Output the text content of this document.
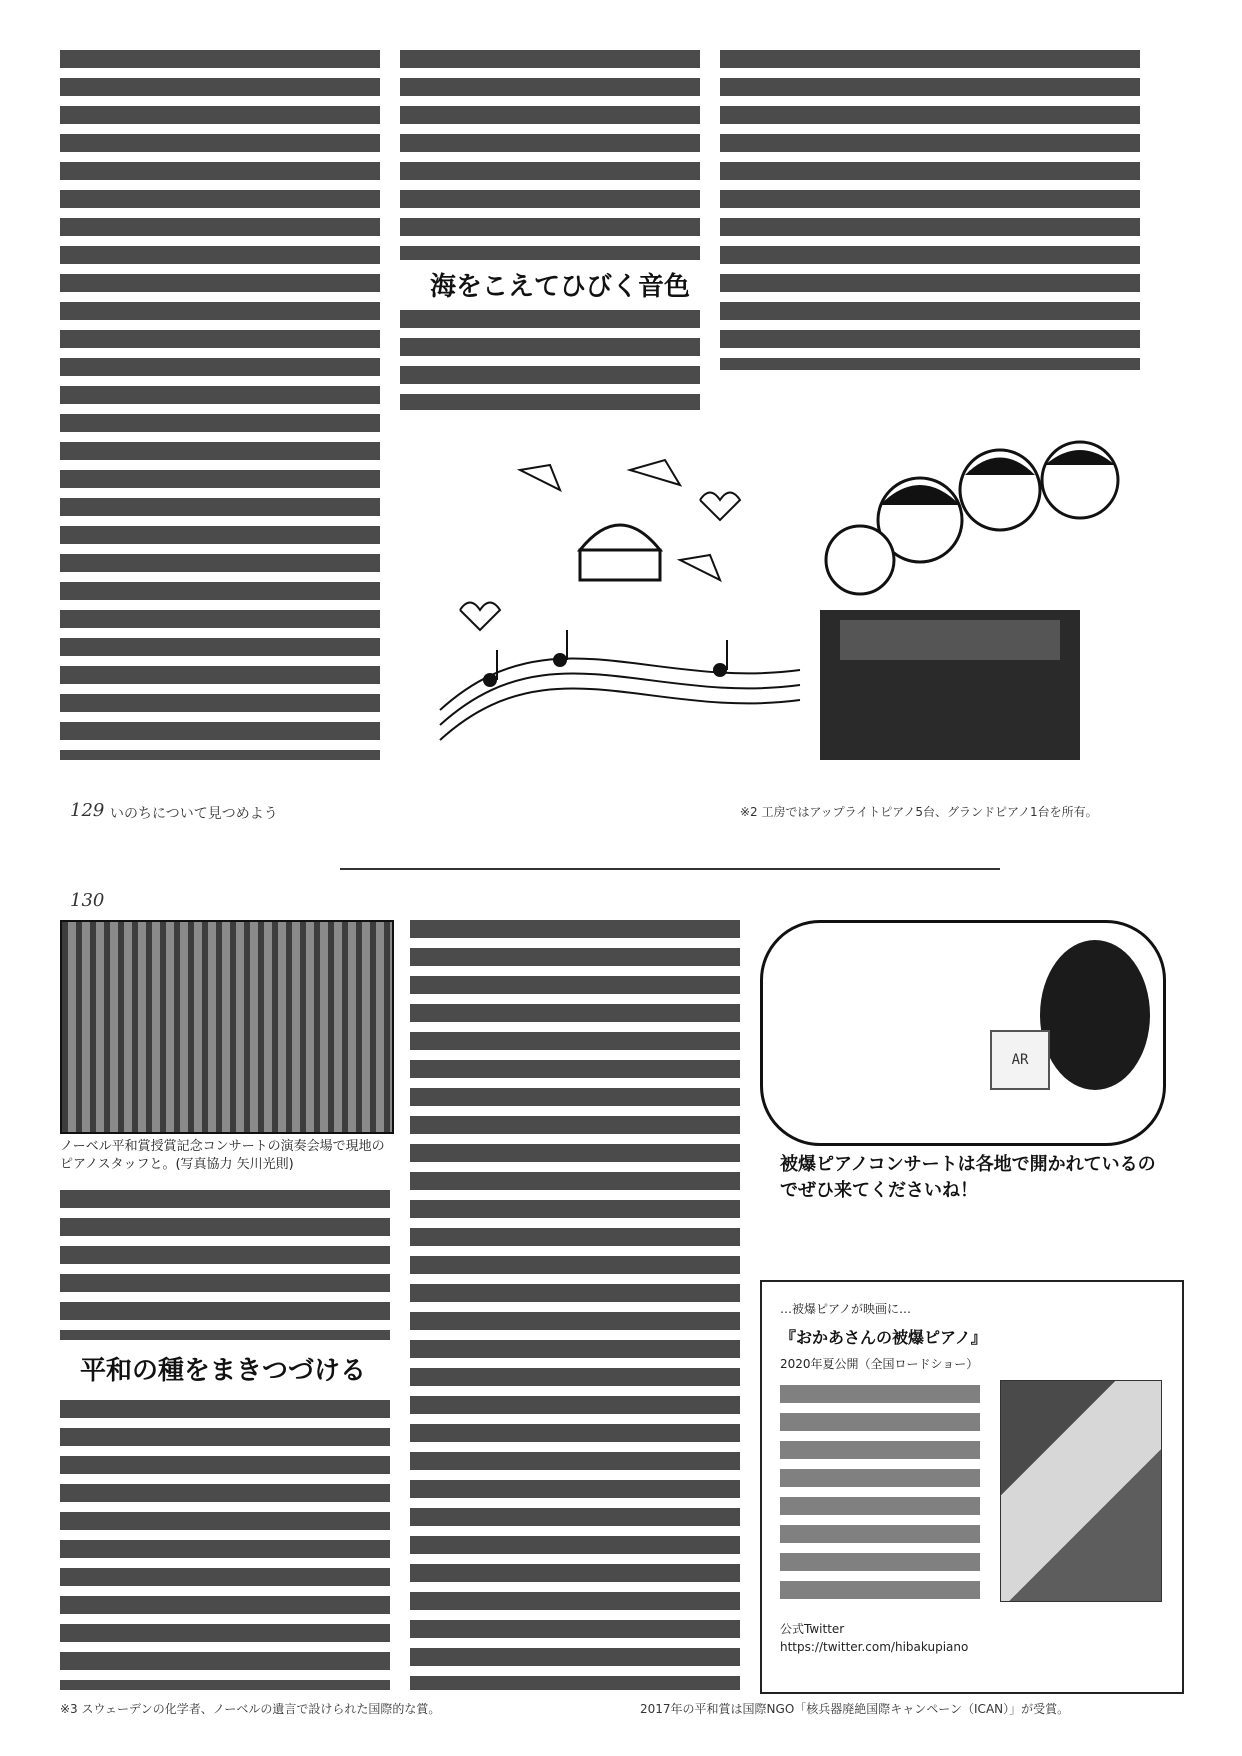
海をこえてひびく音色
129 いのちについて見つめよう	※2 工房ではアップライトピアノ5台、グランドピアノ1台を所有。
130
ノーベル平和賞授賞記念コンサートの演奏会場で現地のピアノスタッフと。(写真協力 矢川光則)
平和の種をまきつづける
AR
被爆ピアノコンサートは各地で開かれているのでぜひ来てくださいね！
…被爆ピアノが映画に…
『おかあさんの被爆ピアノ』
2020年夏公開（全国ロードショー）
公式Twitter
https://twitter.com/hibakupiano
※3 スウェーデンの化学者、ノーベルの遺言で設けられた国際的な賞。	2017年の平和賞は国際NGO「核兵器廃絶国際キャンペーン（ICAN）」が受賞。
